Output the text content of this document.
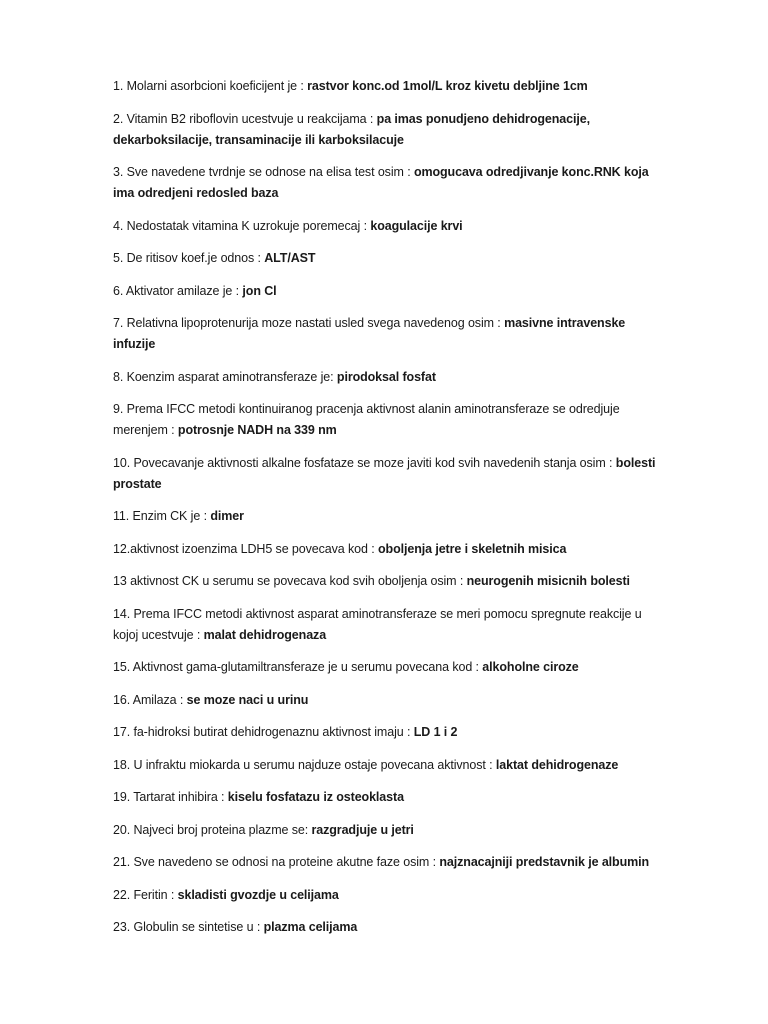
1. Molarni asorbcioni koeficijent je : rastvor konc.od 1mol/L kroz kivetu debljine 1cm
2. Vitamin B2 riboflovin ucestvuje u reakcijama : pa imas ponudjeno dehidrogenacije, dekarboksilacije, transaminacije ili karboksilacuje
3. Sve navedene tvrdnje se odnose na elisa test osim : omogucava odredjivanje konc.RNK koja ima odredjeni redosled baza
4. Nedostatak vitamina K uzrokuje poremecaj : koagulacije krvi
5. De ritisov koef.je odnos : ALT/AST
6. Aktivator amilaze je : jon Cl
7. Relativna lipoprotenurija moze nastati usled svega navedenog osim : masivne intravenske infuzije
8. Koenzim asparat aminotransferaze je: pirodoksal fosfat
9. Prema IFCC metodi kontinuiranog pracenja aktivnost alanin aminotransferaze se odredjuje merenjem : potrosnje NADH na 339 nm
10. Povecavanje aktivnosti alkalne fosfataze se moze javiti kod svih navedenih stanja osim : bolesti prostate
11. Enzim CK je : dimer
12.aktivnost izoenzima LDH5 se povecava kod : oboljenja jetre i skeletnih misica
13 aktivnost CK u serumu se povecava kod svih oboljenja osim : neurogenih misicnih bolesti
14. Prema IFCC metodi aktivnost asparat aminotransferaze se meri pomocu spregnute reakcije u kojoj ucestvuje : malat dehidrogenaza
15. Aktivnost gama-glutamiltransferaze je u serumu povecana kod : alkoholne ciroze
16. Amilaza : se moze naci u urinu
17. fa-hidroksi butirat dehidrogenaznu aktivnost imaju : LD 1 i 2
18. U infraktu miokarda u serumu najduze ostaje povecana aktivnost : laktat dehidrogenaze
19. Tartarat inhibira : kiselu fosfatazu iz osteoklasta
20. Najveci broj proteina plazme se: razgradjuje u jetri
21. Sve navedeno se odnosi na proteine akutne faze osim : najznacajniji predstavnik je albumin
22. Feritin : skladisti gvozdje u celijama
23. Globulin se sintetise u : plazma celijama
